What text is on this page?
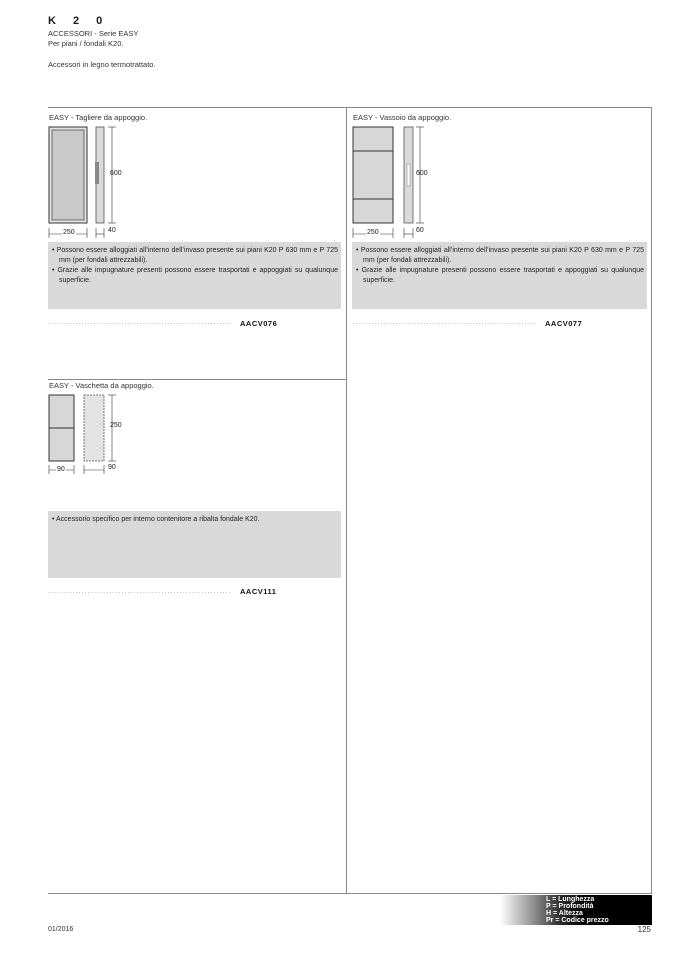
K 2 0
ACCESSORI - Serie EASY
Per piani / fondali K20.
Accessori in legno termotrattato.
EASY - Tagliere da appoggio.
250
600
40

• Possono essere alloggiati all’interno dell’invaso presente sui piani K20 P 630 mm e P 725 mm (per fondali attrezzabili).

• Grazie alle impugnature presenti possono essere trasportati e appoggiati su qualunque superficie.

............................................................ AACV076
EASY - Vassoio da appoggio.
250
600
60

• Possono essere alloggiati all’interno dell’invaso presente sui piani K20 P 630 mm e P 725 mm (per fondali attrezzabili).

• Grazie alle impugnature presenti possono essere trasportati e appoggiati su qualunque superficie.

............................................................ AACV077
EASY - Vaschetta da appoggio.
90
250
90

• Accessorio specifico per interno contenitore a ribalta fondale K20.

............................................................ AACV111
L = Lunghezza
P = Profondità
H = Altezza
Pr = Codice prezzo
01/2016	125
